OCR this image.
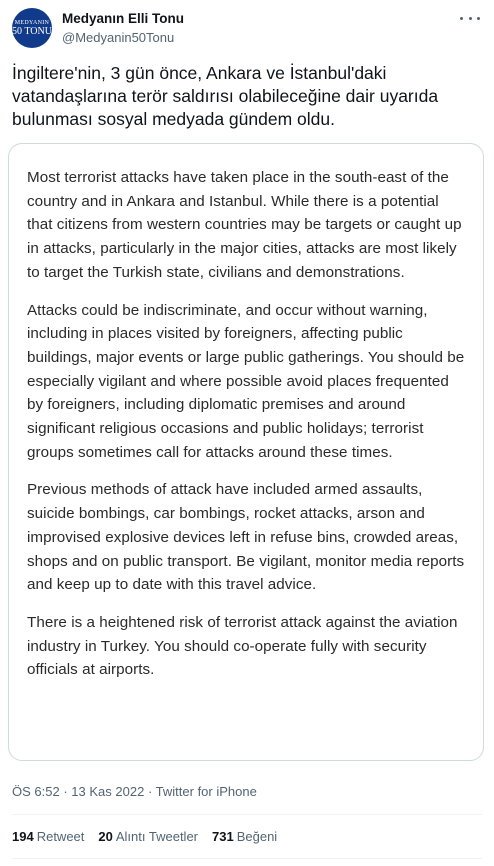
MEDYANIN
50 TONU
Medyanın Elli Tonu
@Medyanin50Tonu
İngiltere'nin, 3 gün önce, Ankara ve İstanbul'daki vatandaşlarına terör saldırısı olabileceğine dair uyarıda bulunması sosyal medyada gündem oldu.

Most terrorist attacks have taken place in the south-east of the country and in Ankara and Istanbul. While there is a potential that citizens from western countries may be targets or caught up in attacks, particularly in the major cities, attacks are most likely to target the Turkish state, civilians and demonstrations.

Attacks could be indiscriminate, and occur without warning, including in places visited by foreigners, affecting public buildings, major events or large public gatherings. You should be especially vigilant and where possible avoid places frequented by foreigners, including diplomatic premises and around significant religious occasions and public holidays; terrorist groups sometimes call for attacks around these times.

Previous methods of attack have included armed assaults, suicide bombings, car bombings, rocket attacks, arson and improvised explosive devices left in refuse bins, crowded areas, shops and on public transport. Be vigilant, monitor media reports and keep up to date with this travel advice.

There is a heightened risk of terrorist attack against the aviation industry in Turkey. You should co-operate fully with security officials at airports.

ÖS 6:52 · 13 Kas 2022 · Twitter for iPhone
194 Retweet 20 Alıntı Tweetler 731 Beğeni
